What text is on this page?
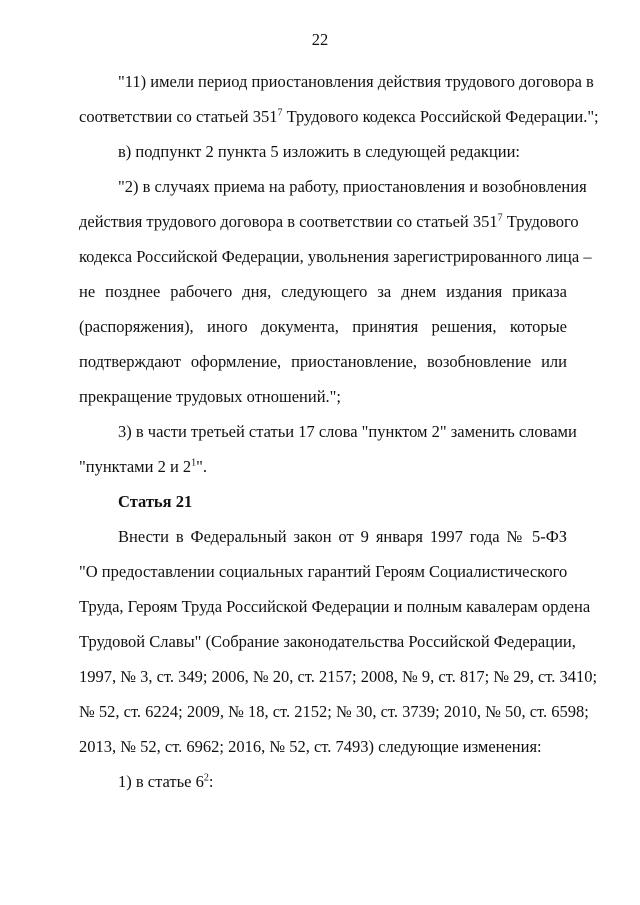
22
"11) имели период приостановления действия трудового договора в
соответствии со статьей $351^7$ Трудового кодекса Российской Федерации.";
в) подпункт 2 пункта 5 изложить в следующей редакции:
"2) в случаях приема на работу, приостановления и возобновления
действия трудового договора в соответствии со статьей $351^7$ Трудового
кодекса Российской Федерации, увольнения зарегистрированного лица –
не позднее рабочего дня, следующего за днем издания приказа
(распоряжения), иного документа, принятия решения, которые
подтверждают оформление, приостановление, возобновление или
прекращение трудовых отношений.";
3) в части третьей статьи 17 слова "пунктом 2" заменить словами
"пунктами 2 и $2^1$".
Статья 21
Внести в Федеральный закон от 9 января 1997 года № 5-ФЗ
"О предоставлении социальных гарантий Героям Социалистического
Труда, Героям Труда Российской Федерации и полным кавалерам ордена
Трудовой Славы" (Собрание законодательства Российской Федерации,
1997, № 3, ст. 349; 2006, № 20, ст. 2157; 2008, № 9, ст. 817; № 29, ст. 3410;
№ 52, ст. 6224; 2009, № 18, ст. 2152; № 30, ст. 3739; 2010, № 50, ст. 6598;
2013, № 52, ст. 6962; 2016, № 52, ст. 7493) следующие изменения:
1) в статье $6^2$:
